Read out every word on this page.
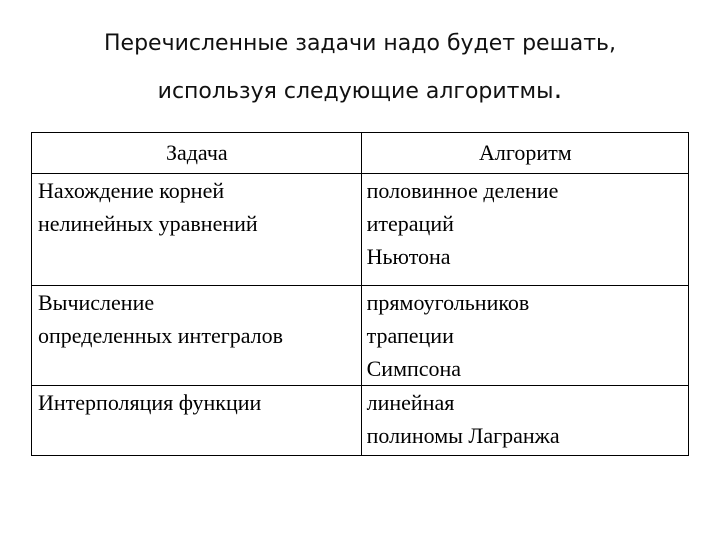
Перечисленные задачи надо будет решать,
используя следующие алгоритмы.
Задача	Алгоритм

Нахождение корней
нелинейных уравнений	половинное деление
итераций
Ньютона

Вычисление
определенных интегралов	прямоугольников
трапеции
Симпсона

Интерполяция функции	линейная
полиномы Лагранжа
